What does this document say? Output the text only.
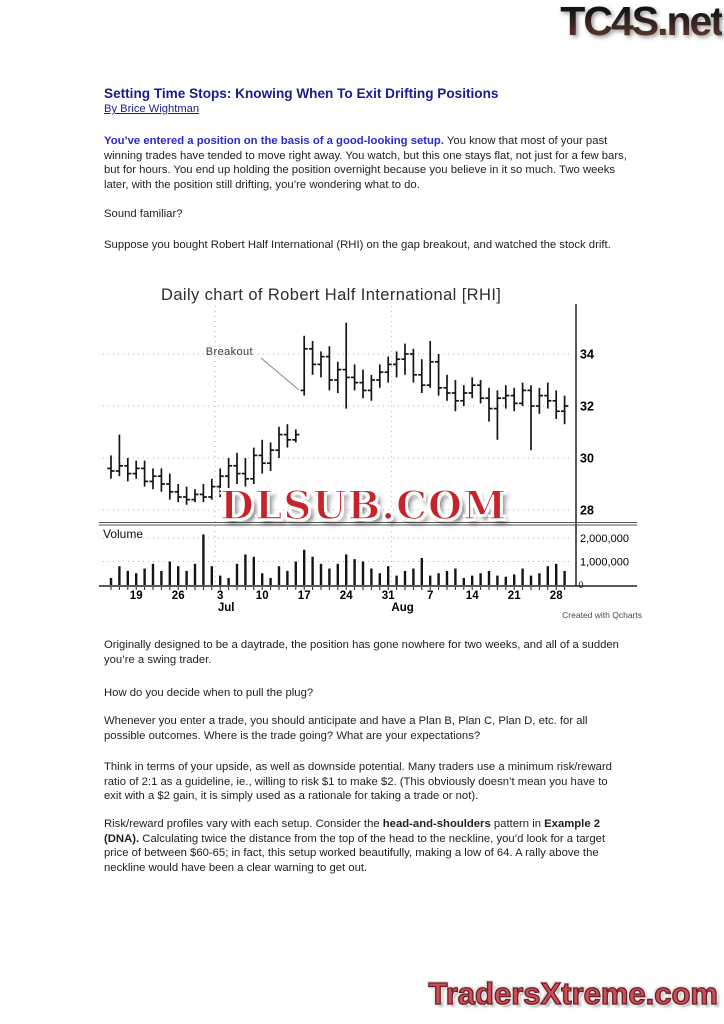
TC4S.net
Setting Time Stops: Knowing When To Exit Drifting Positions
By Brice Wightman
You’ve entered a position on the basis of a good-looking setup. You know that most of your past winning trades have tended to move right away. You watch, but this one stays flat, not just for a few bars, but for hours. You end up holding the position overnight because you believe in it so much. Two weeks later, with the position still drifting, you’re wondering what to do.
Sound familiar?
Suppose you bought Robert Half International (RHI) on the gap breakout, and watched the stock drift.
Daily chart of Robert Half International [RHI]
34
32
30
28
Volume	2,000,000
1,000,000
0
19	26	3	10	17	24	31	7	14	21	28
Jul	Aug
Breakout
Created with Qcharts
DLSUB.COM
Originally designed to be a daytrade, the position has gone nowhere for two weeks, and all of a sudden you’re a swing trader.
How do you decide when to pull the plug?
Whenever you enter a trade, you should anticipate and have a Plan B, Plan C, Plan D, etc. for all possible outcomes. Where is the trade going? What are your expectations?
Think in terms of your upside, as well as downside potential. Many traders use a minimum risk/reward ratio of 2:1 as a guideline, ie., willing to risk $1 to make $2. (This obviously doesn’t mean you have to exit with a $2 gain, it is simply used as a rationale for taking a trade or not).
Risk/reward profiles vary with each setup. Consider the head-and-shoulders pattern in Example 2 (DNA). Calculating twice the distance from the top of the head to the neckline, you’d look for a target price of between $60-65; in fact, this setup worked beautifully, making a low of 64. A rally above the neckline would have been a clear warning to get out.
TradersXtreme.com
